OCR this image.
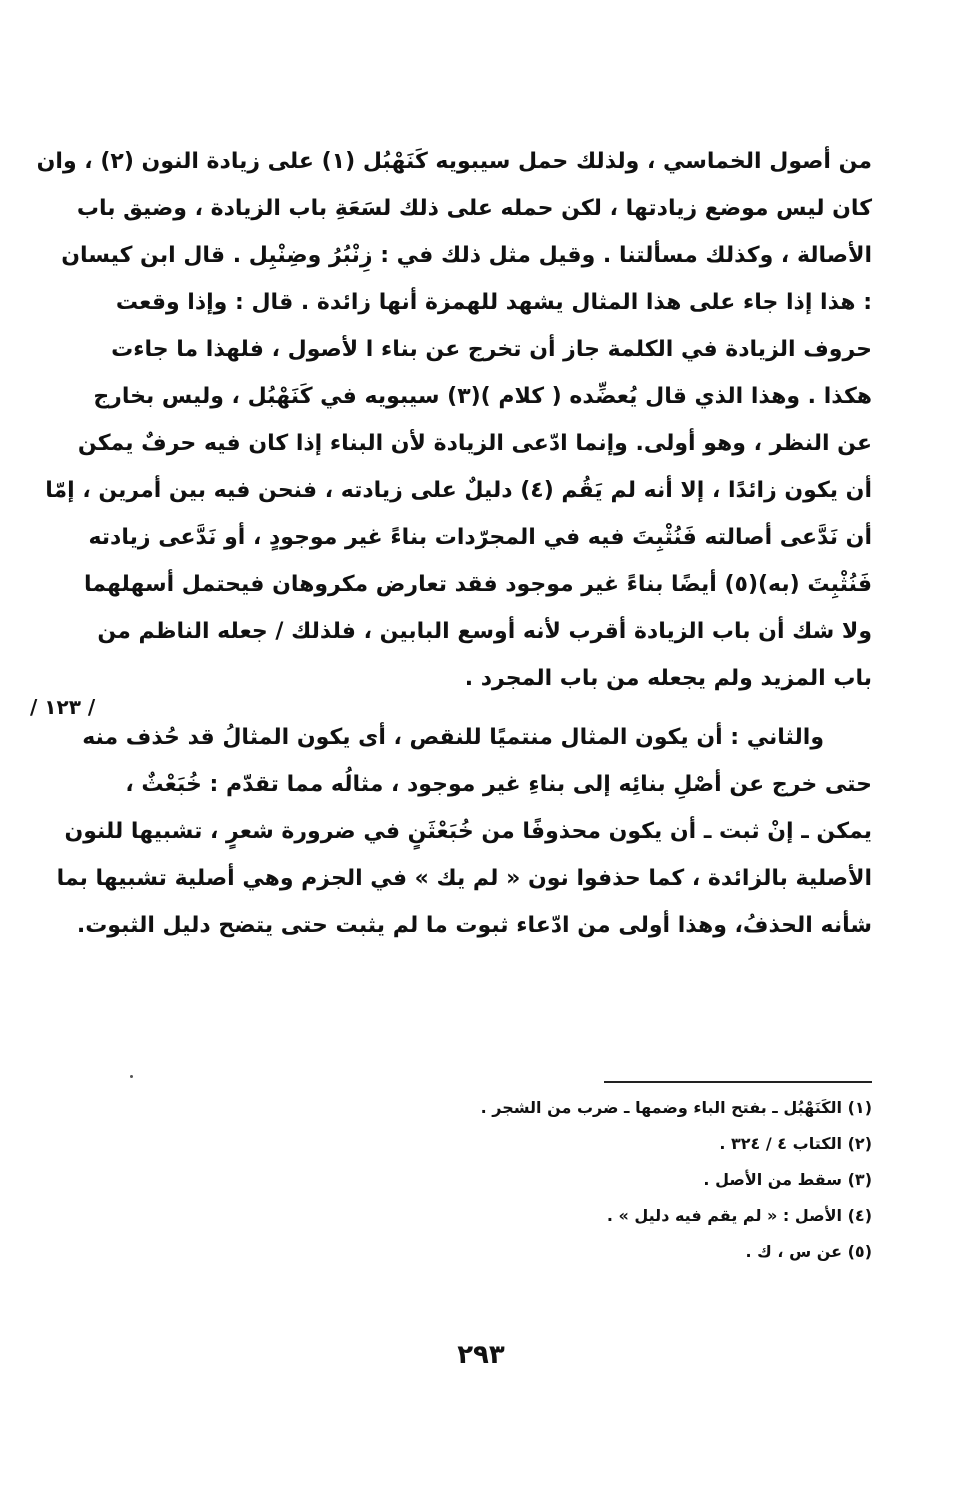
من أصول الخماسي ، ولذلك حمل سيبويه كَنَهْبُل (١) على زيادة النون (٢) ، وان
كان ليس موضع زيادتها ، لكن حمله على ذلك لسَعَةِ باب الزيادة ، وضيق باب
الأصالة ، وكذلك مسألتنا . وقيل مثل ذلك في : زِنْبُرُ وضِنْبِل . قال ابن كيسان
: هذا إذا جاء على هذا المثال يشهد للهمزة أنها زائدة . قال : وإذا وقعت
حروف الزيادة في الكلمة جاز أن تخرج عن بناء ا لأصول ، فلهذا ما جاءت
هكذا . وهذا الذي قال يُعضِّده ( كلام )(٣) سيبويه في كَنَهْبُل ، وليس بخارج
عن النظر ، وهو أولى. وإنما ادّعى الزيادة لأن البناء إذا كان فيه حرفٌ يمكن
أن يكون زائدًا ، إلا أنه لم يَقُم (٤) دليلٌ على زيادته ، فنحن فيه بين أمرين ، إمّا
أن نَدَّعى أصالته فَنُثْبِتَ فيه في المجرّدات بناءً غير موجودٍ ، أو نَدَّعى زيادته
فَنُثْبِتَ (به)(٥) أيضًا بناءً غير موجود فقد تعارض مكروهان فيحتمل أسهلهما
ولا شك أن باب الزيادة أقرب لأنه أوسع البابين ، فلذلك / جعله الناظم من
باب المزيد ولم يجعله من باب المجرد .
والثاني : أن يكون المثال منتميًا للنقص ، أى يكون المثالُ قد حُذف منه
حتى خرج عن أصْلِ بنائِه إلى بناءِ غير موجود ، مثالُه مما تقدّم : خُبَعْثٌ ،
يمكن ـ إنْ ثبت ـ أن يكون محذوفًا من خُبَعْثَنٍ في ضرورة شعرٍ ، تشبيها للنون
الأصلية بالزائدة ، كما حذفوا نون « لم يك » في الجزم وهي أصلية تشبيها بما
شأنه الحذفُ، وهذا أولى من ادّعاء ثبوت ما لم يثبت حتى يتضح دليل الثبوت.
/ ١٢٣ /
(١) الكَنَهْبُل ـ بفتح الباء وضمها ـ ضرب من الشجر .
(٢) الكتاب ٤ / ٣٢٤ .
(٣) سقط من الأصل .
(٤) الأصل : « لم يقم فيه دليل » .
(٥) عن س ، ك .
٢٩٣
